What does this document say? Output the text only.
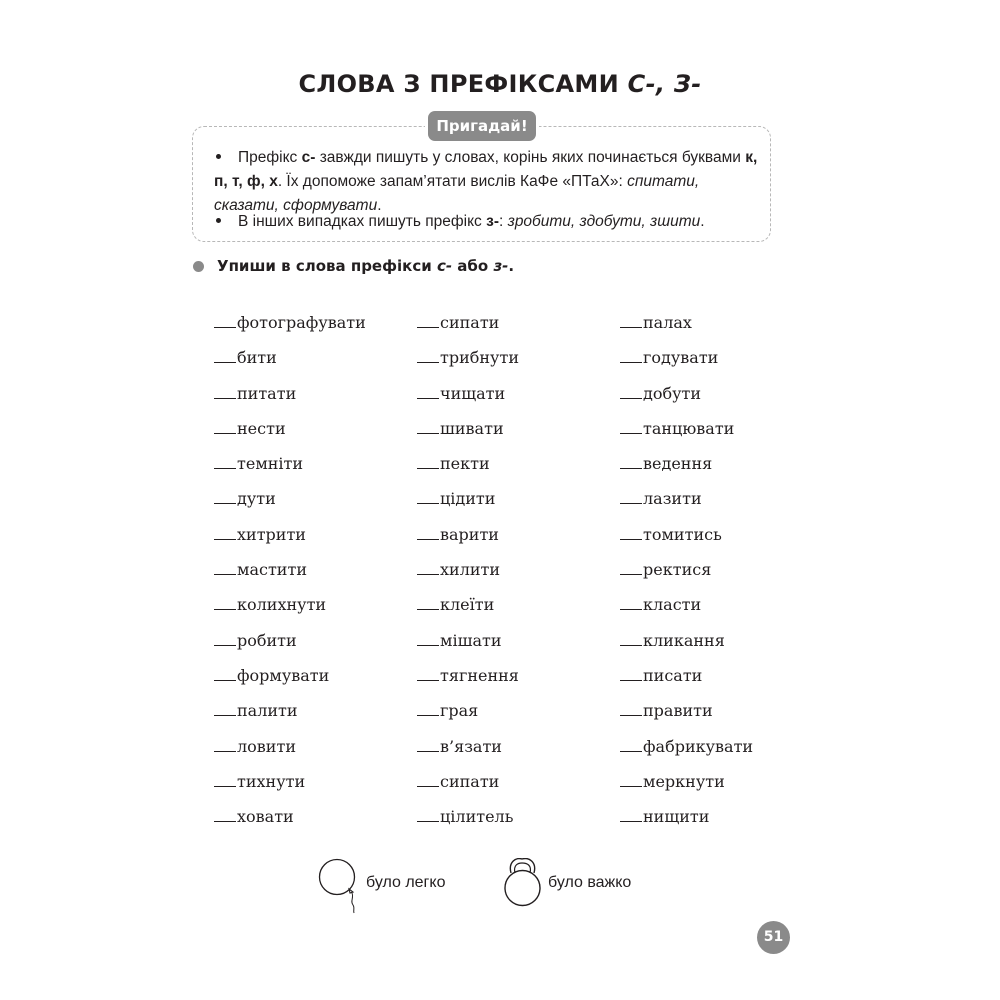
СЛОВА З ПРЕФІКСАМИ С-, З-
Пригадай!
Префікс с- завжди пишуть у словах, корінь яких починається буквами к, п, т, ф, х. Їх допоможе запам’ятати вислів КаФе «ПТаХ»: спитати, сказати, сформувати.
В інших випадках пишуть префікс з-: зробити, здобути, зшити.
Упиши в слова префікси с- або з-.
фотографувати
бити
питати
нести
темніти
дути
хитрити
мастити
колихнути
робити
формувати
палити
ловити
тихнути
ховати
сипати
трибнути
чищати
шивати
пекти
цідити
варити
хилити
клеїти
мішати
тягнення
грая
в’язати
сипати
цілитель
палах
годувати
добути
танцювати
ведення
лазити
томитись
ректися
класти
кликання
писати
правити
фабрикувати
меркнути
нищити
було легко	було важко
51
